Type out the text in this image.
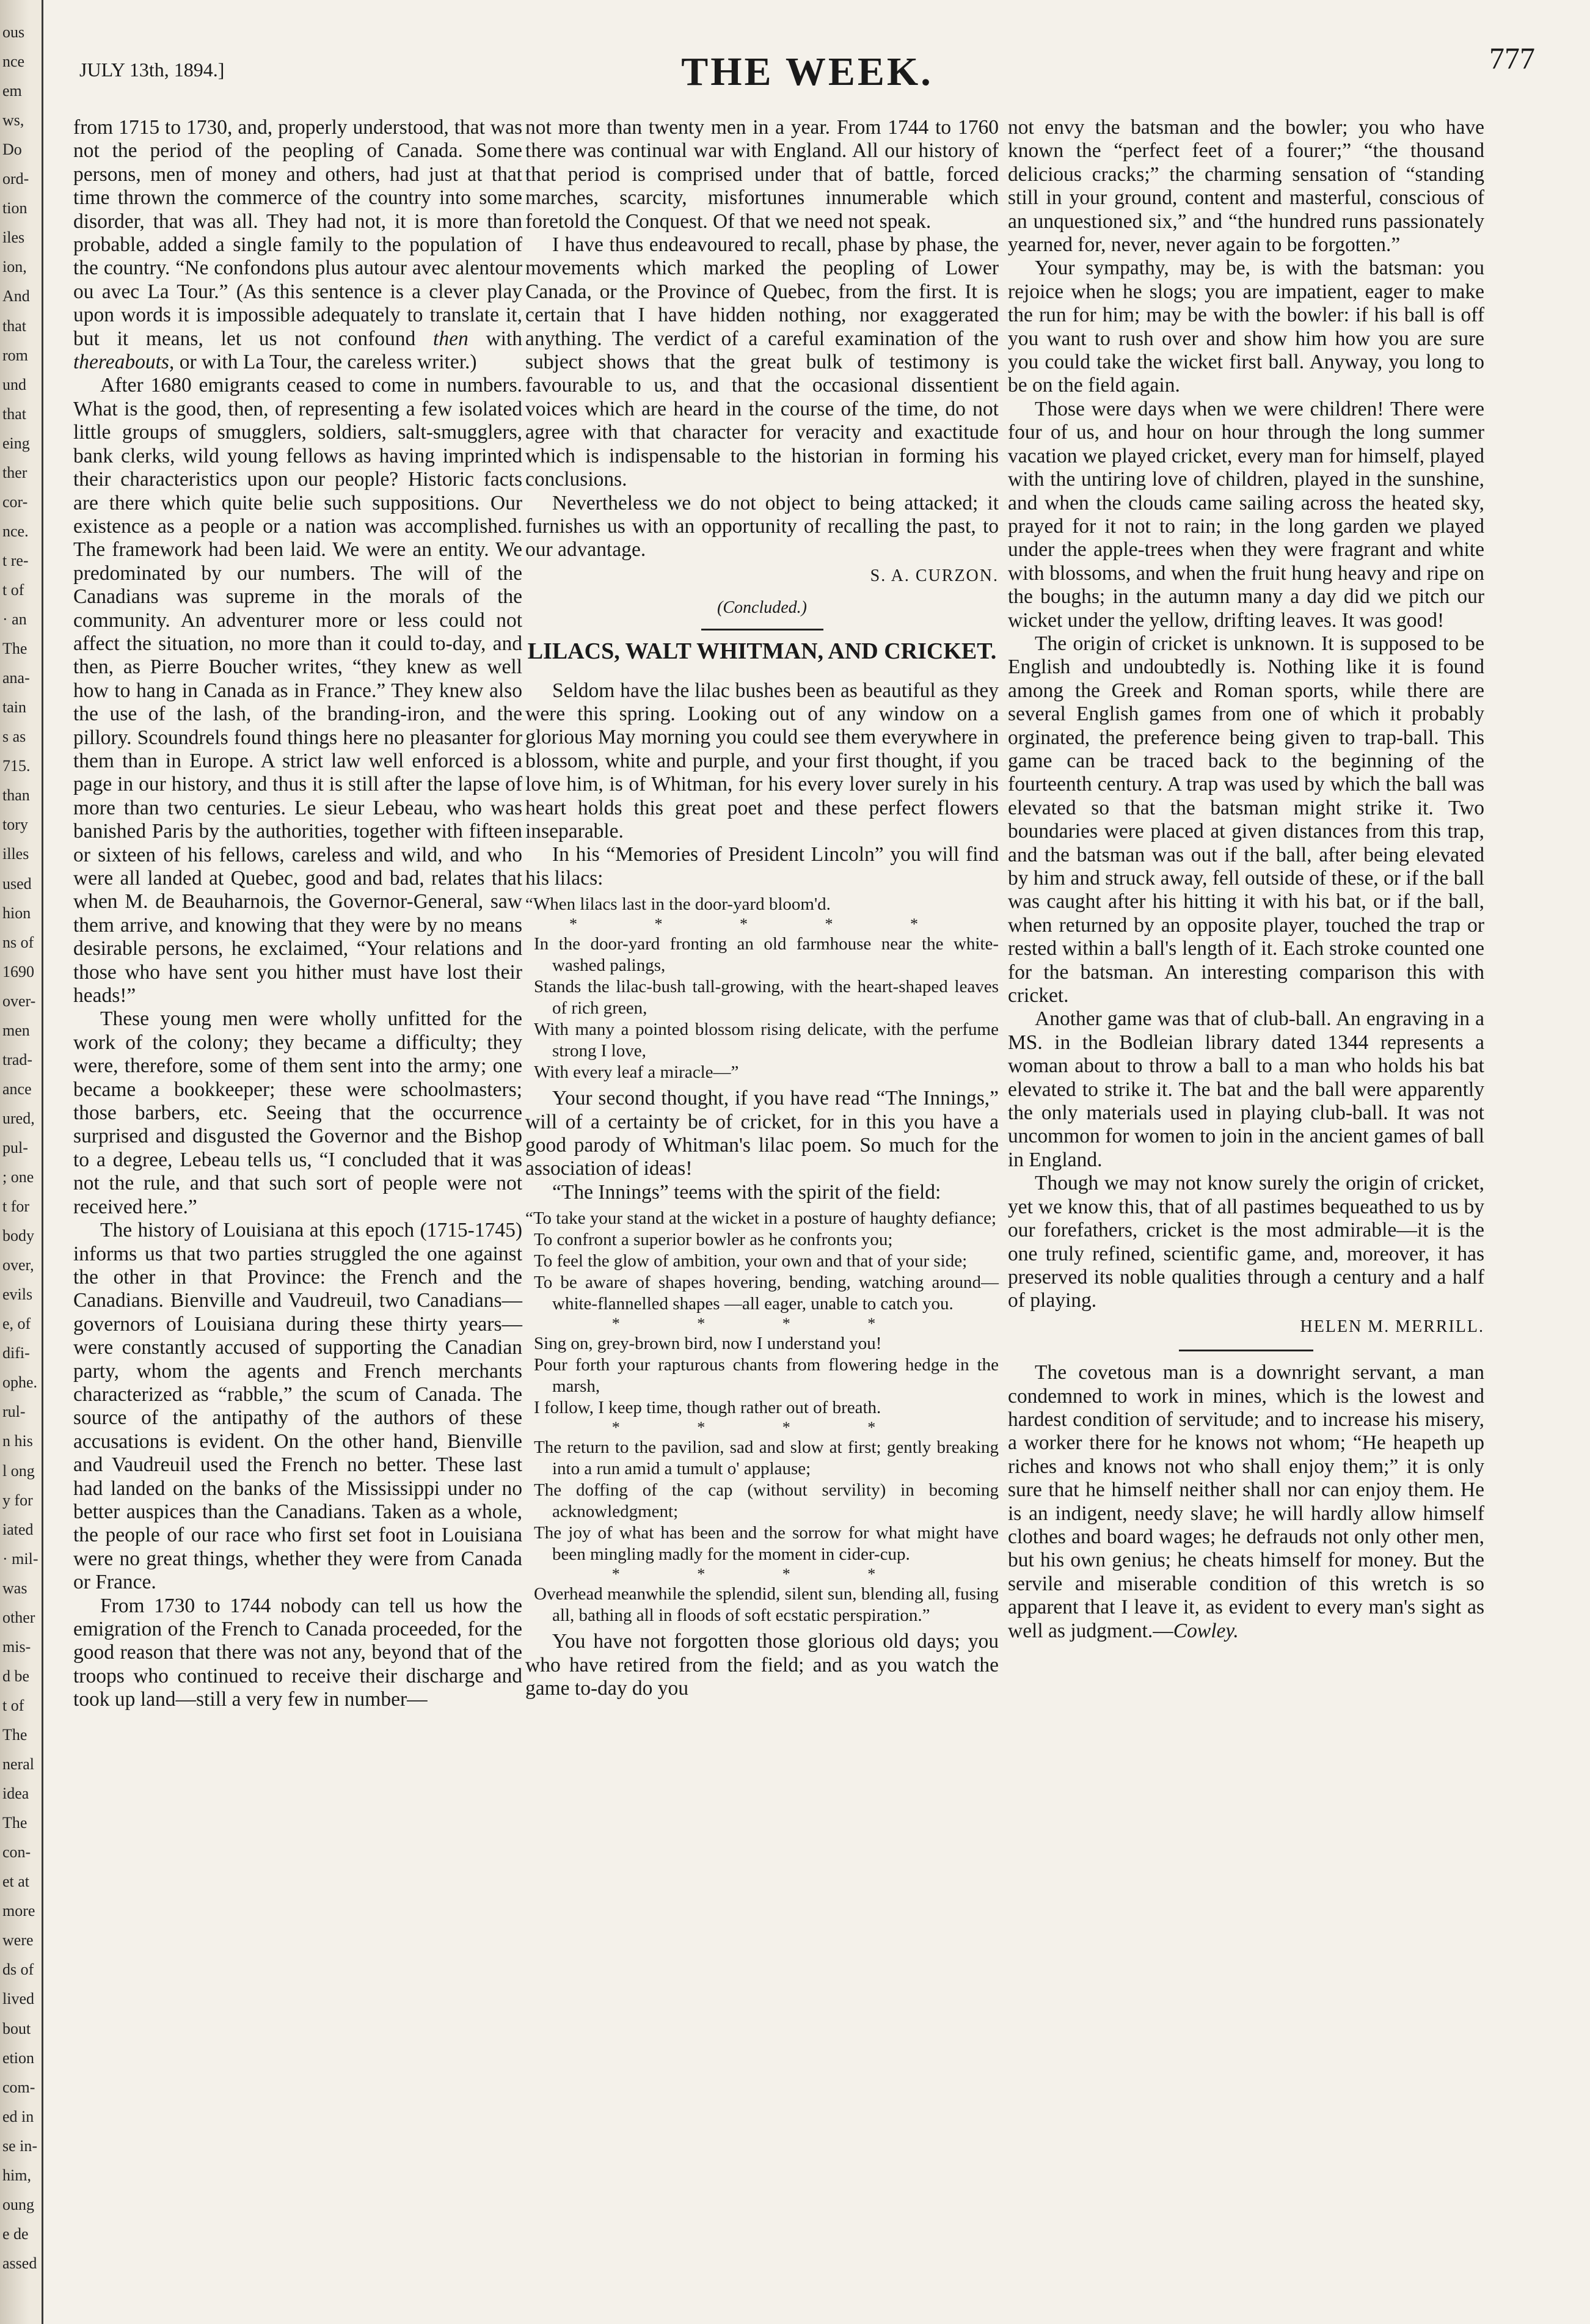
ous
nce
em
ws,
Do
ord-
tion
iles
ion,
And
that
rom
und
that
eing
ther
cor-
nce.
t re-
t of
· an
The
ana-
tain
s as
715.
than
tory
illes
used
hion
ns of
1690
over-
men
trad-
ance
ured,
pul-
; one
t for
body
over,
evils
e, of
difi-
ophe.
rul-
n his
l ong
y for
iated
· mil-
was
other
mis-
d be
t of
The
neral
idea
The
con-
et at
more
were
ds of
lived
bout
etion
com-
ed in
se in-
him,
oung
e de
assed
JULY 13th, 1894.]	THE WEEK.	777

from 1715 to 1730, and, properly understood, that was not the period of the peopling of Canada. Some persons, men of money and others, had just at that time thrown the commerce of the country into some disorder, that was all. They had not, it is more than probable, added a single family to the population of the country. “Ne confondons plus autour avec alentour ou avec La Tour.” (As this sentence is a clever play upon words it is impossible adequately to translate it, but it means, let us not confound then with thereabouts, or with La Tour, the careless writer.)

After 1680 emigrants ceased to come in numbers. What is the good, then, of representing a few isolated little groups of smugglers, soldiers, salt-smugglers, bank clerks, wild young fellows as having imprinted their characteristics upon our people? Historic facts are there which quite belie such suppositions. Our existence as a people or a nation was accomplished. The framework had been laid. We were an entity. We predominated by our numbers. The will of the Canadians was supreme in the morals of the community. An adventurer more or less could not affect the situation, no more than it could to-day, and then, as Pierre Boucher writes, “they knew as well how to hang in Canada as in France.” They knew also the use of the lash, of the branding-iron, and the pillory. Scoundrels found things here no pleasanter for them than in Europe. A strict law well enforced is a page in our history, and thus it is still after the lapse of more than two centuries. Le sieur Lebeau, who was banished Paris by the authorities, together with fifteen or sixteen of his fellows, careless and wild, and who were all landed at Quebec, good and bad, relates that when M. de Beauharnois, the Governor-General, saw them arrive, and knowing that they were by no means desirable persons, he exclaimed, “Your relations and those who have sent you hither must have lost their heads!”

These young men were wholly unfitted for the work of the colony; they became a difficulty; they were, therefore, some of them sent into the army; one became a bookkeeper; these were schoolmasters; those barbers, etc. Seeing that the occurrence surprised and disgusted the Governor and the Bishop to a degree, Lebeau tells us, “I concluded that it was not the rule, and that such sort of people were not received here.”

The history of Louisiana at this epoch (1715-1745) informs us that two parties struggled the one against the other in that Province: the French and the Canadians. Bienville and Vaudreuil, two Canadians—governors of Louisiana during these thirty years—were constantly accused of supporting the Canadian party, whom the agents and French merchants characterized as “rabble,” the scum of Canada. The source of the antipathy of the authors of these accusations is evident. On the other hand, Bienville and Vaudreuil used the French no better. These last had landed on the banks of the Mississippi under no better auspices than the Canadians. Taken as a whole, the people of our race who first set foot in Louisiana were no great things, whether they were from Canada or France.

From 1730 to 1744 nobody can tell us how the emigration of the French to Canada proceeded, for the good reason that there was not any, beyond that of the troops who continued to receive their discharge and took up land—still a very few in number—

not more than twenty men in a year. From 1744 to 1760 there was continual war with England. All our history of that period is comprised under that of battle, forced marches, scarcity, misfortunes innumerable which foretold the Conquest. Of that we need not speak.

I have thus endeavoured to recall, phase by phase, the movements which marked the peopling of Lower Canada, or the Province of Quebec, from the first. It is certain that I have hidden nothing, nor exaggerated anything. The verdict of a careful examination of the subject shows that the great bulk of testimony is favourable to us, and that the occasional dissentient voices which are heard in the course of the time, do not agree with that character for veracity and exactitude which is indispensable to the historian in forming his conclusions.

Nevertheless we do not object to being attacked; it furnishes us with an opportunity of recalling the past, to our advantage.

S. A. CURZON.
(Concluded.)
LILACS, WALT WHITMAN, AND CRICKET.

Seldom have the lilac bushes been as beautiful as they were this spring. Looking out of any window on a glorious May morning you could see them everywhere in blossom, white and purple, and your first thought, if you love him, is of Whitman, for his every lover surely in his heart holds this great poet and these perfect flowers inseparable.

In his “Memories of President Lincoln” you will find his lilacs:

“When lilacs last in the door-yard bloom'd.
* * * * *
In the door-yard fronting an old farmhouse near the white-washed palings,
Stands the lilac-bush tall-growing, with the heart-shaped leaves of rich green,
With many a pointed blossom rising delicate, with the perfume strong I love,
With every leaf a miracle—”

Your second thought, if you have read “The Innings,” will of a certainty be of cricket, for in this you have a good parody of Whitman's lilac poem. So much for the association of ideas!

“The Innings” teems with the spirit of the field:

“To take your stand at the wicket in a posture of haughty defiance;
To confront a superior bowler as he confronts you;
To feel the glow of ambition, your own and that of your side;
To be aware of shapes hovering, bending, watching around—white-flannelled shapes —all eager, unable to catch you.
* * * *
Sing on, grey-brown bird, now I understand you!
Pour forth your rapturous chants from flowering hedge in the marsh,
I follow, I keep time, though rather out of breath.
* * * *
The return to the pavilion, sad and slow at first; gently breaking into a run amid a tumult o' applause;
The doffing of the cap (without servility) in becoming acknowledgment;
The joy of what has been and the sorrow for what might have been mingling madly for the moment in cider-cup.
* * * *
Overhead meanwhile the splendid, silent sun, blending all, fusing all, bathing all in floods of soft ecstatic perspiration.”

You have not forgotten those glorious old days; you who have retired from the field; and as you watch the game to-day do you

not envy the batsman and the bowler; you who have known the “perfect feet of a fourer;” “the thousand delicious cracks;” the charming sensation of “standing still in your ground, content and masterful, conscious of an unquestioned six,” and “the hundred runs passionately yearned for, never, never again to be forgotten.”

Your sympathy, may be, is with the batsman: you rejoice when he slogs; you are impatient, eager to make the run for him; may be with the bowler: if his ball is off you want to rush over and show him how you are sure you could take the wicket first ball. Anyway, you long to be on the field again.

Those were days when we were children! There were four of us, and hour on hour through the long summer vacation we played cricket, every man for himself, played with the untiring love of children, played in the sunshine, and when the clouds came sailing across the heated sky, prayed for it not to rain; in the long garden we played under the apple-trees when they were fragrant and white with blossoms, and when the fruit hung heavy and ripe on the boughs; in the autumn many a day did we pitch our wicket under the yellow, drifting leaves. It was good!

The origin of cricket is unknown. It is supposed to be English and undoubtedly is. Nothing like it is found among the Greek and Roman sports, while there are several English games from one of which it probably orginated, the preference being given to trap-ball. This game can be traced back to the beginning of the fourteenth century. A trap was used by which the ball was elevated so that the batsman might strike it. Two boundaries were placed at given distances from this trap, and the batsman was out if the ball, after being elevated by him and struck away, fell outside of these, or if the ball was caught after his hitting it with his bat, or if the ball, when returned by an opposite player, touched the trap or rested within a ball's length of it. Each stroke counted one for the batsman. An interesting comparison this with cricket.

Another game was that of club-ball. An engraving in a MS. in the Bodleian library dated 1344 represents a woman about to throw a ball to a man who holds his bat elevated to strike it. The bat and the ball were apparently the only materials used in playing club-ball. It was not uncommon for women to join in the ancient games of ball in England.

Though we may not know surely the origin of cricket, yet we know this, that of all pastimes bequeathed to us by our forefathers, cricket is the most admirable—it is the one truly refined, scientific game, and, moreover, it has preserved its noble qualities through a century and a half of playing.

HELEN M. MERRILL.

The covetous man is a downright servant, a man condemned to work in mines, which is the lowest and hardest condition of servitude; and to increase his misery, a worker there for he knows not whom; “He heapeth up riches and knows not who shall enjoy them;” it is only sure that he himself neither shall nor can enjoy them. He is an indigent, needy slave; he will hardly allow himself clothes and board wages; he defrauds not only other men, but his own genius; he cheats himself for money. But the servile and miserable condition of this wretch is so apparent that I leave it, as evident to every man's sight as well as judgment.—Cowley.
